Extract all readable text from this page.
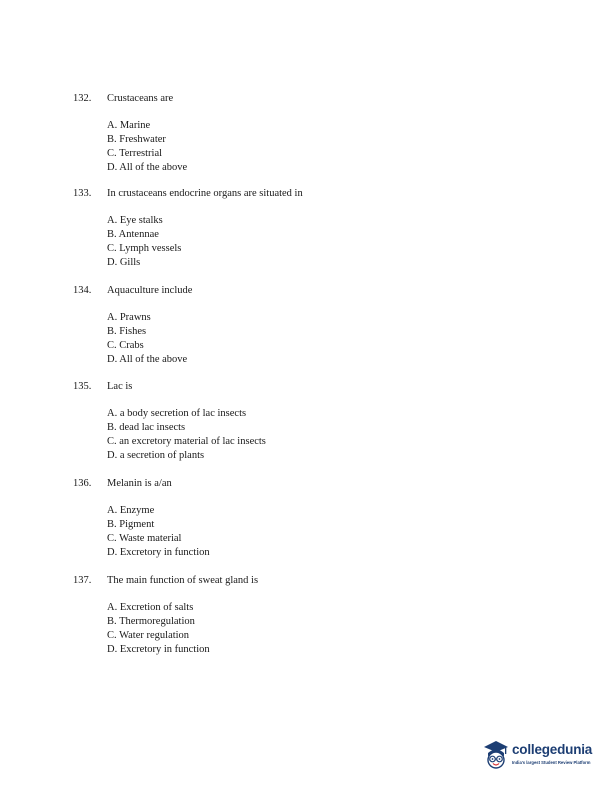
132.	Crustaceans are
A. Marine
B. Freshwater
C. Terrestrial
D. All of the above
133.	In crustaceans endocrine organs are situated in
A. Eye stalks
B. Antennae
C. Lymph vessels
D. Gills
134.	Aquaculture include
A. Prawns
B. Fishes
C. Crabs
D. All of the above
135.	Lac is
A. a body secretion of lac insects
B. dead lac insects
C. an excretory material of lac insects
D. a secretion of plants
136.	Melanin is a/an
A. Enzyme
B. Pigment
C. Waste material
D. Excretory in function
137.	The main function of sweat gland is
A. Excretion of salts
B. Thermoregulation
C. Water regulation
D. Excretory in function
collegedunia
India's largest Student Review Platform
